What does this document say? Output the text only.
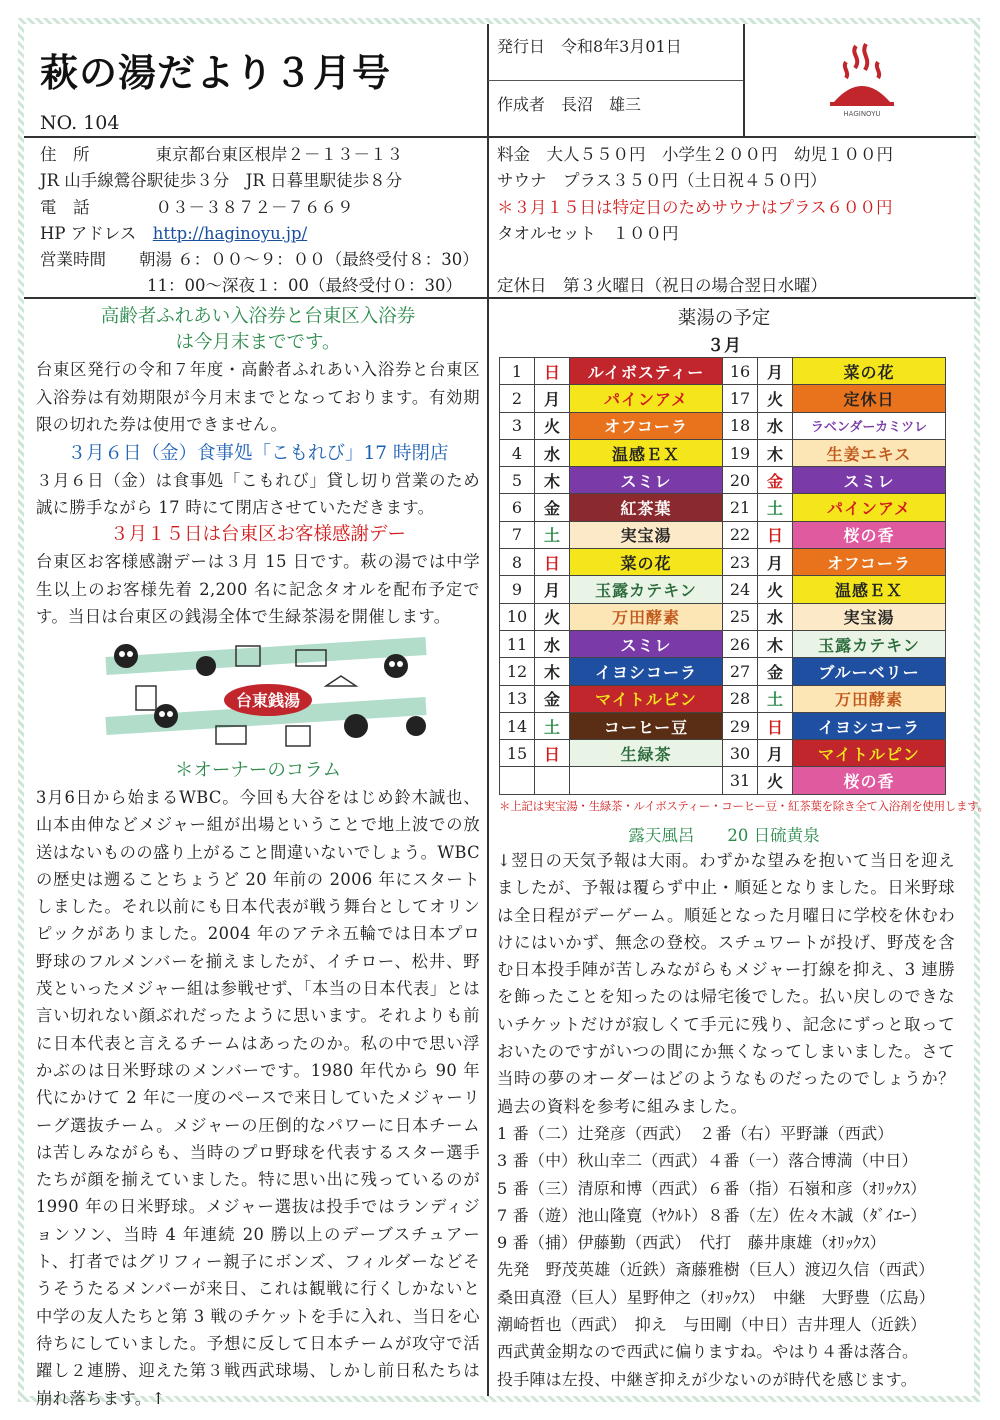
萩の湯だより３月号
NO. 104
発行日　令和8年3月01日
作成者　長沼　雄三	HAGINOYU
住　所　　　　東京都台東区根岸２－１３－１３
JR 山手線鶯谷駅徒歩３分　JR 日暮里駅徒歩８分
電　話　　　　０３－３８７２－７６６９
HP アドレス　 http://haginoyu.jp/
営業時間　　朝湯 ６：００～９：００（最終受付８：30）
11：00～深夜１：00（最終受付０：30）
料金　大人５５０円　小学生２００円　幼児１００円
サウナ　プラス３５０円（土日祝４５０円）
＊３月１５日は特定日のためサウナはプラス６００円
タオルセット　１００円
定休日　第３火曜日（祝日の場合翌日水曜）
高齢者ふれあい入浴券と台東区入浴券
は今月末までです。
台東区発行の令和７年度・高齢者ふれあい入浴券と台東区入浴券は有効期限が今月末までとなっております。有効期限の切れた券は使用できません。
３月６日（金）食事処「こもれび」17 時閉店
３月６日（金）は食事処「こもれび」貸し切り営業のため誠に勝手ながら 17 時にて閉店させていただきます。
３月１５日は台東区お客様感謝デー
台東区お客様感謝デーは３月 15 日です。萩の湯では中学生以上のお客様先着 2,200 名に記念タオルを配布予定です。当日は台東区の銭湯全体で生緑茶湯を開催します。
台東銭湯
＊オーナーのコラム
3月6日から始まるWBC。今回も大谷をはじめ鈴木誠也、山本由伸などメジャー組が出場ということで地上波での放送はないものの盛り上がること間違いないでしょう。WBC の歴史は遡ることちょうど 20 年前の 2006 年にスタートしました。それ以前にも日本代表が戦う舞台としてオリンピックがありました。2004 年のアテネ五輪では日本プロ野球のフルメンバーを揃えましたが、イチロー、松井、野茂といったメジャー組は参戦せず、「本当の日本代表」とは言い切れない顔ぶれだったように思います。それよりも前に日本代表と言えるチームはあったのか。私の中で思い浮かぶのは日米野球のメンバーです。1980 年代から 90 年代にかけて 2 年に一度のペースで来日していたメジャーリーグ選抜チーム。メジャーの圧倒的なパワーに日本チームは苦しみながらも、当時のプロ野球を代表するスター選手たちが顔を揃えていました。特に思い出に残っているのが 1990 年の日米野球。メジャー選抜は投手ではランディジョンソン、当時 4 年連続 20 勝以上のデーブスチュアート、打者ではグリフィー親子にボンズ、フィルダーなどそうそうたるメンバーが来日、これは観戦に行くしかないと中学の友人たちと第 3 戦のチケットを手に入れ、当日を心待ちにしていました。予想に反して日本チームが攻守で活躍し２連勝、迎えた第３戦西武球場、しかし前日私たちは崩れ落ちます。↑
薬湯の予定
３月
1	日	ルイボスティー	16	月	菜の花
2	月	パインアメ	17	火	定休日
3	火	オフコーラ	18	水	ラベンダーカミツレ
4	水	温感ＥＸ	19	木	生姜エキス
5	木	スミレ	20	金	スミレ
6	金	紅茶葉	21	土	パインアメ
7	土	実宝湯	22	日	桜の香
8	日	菜の花	23	月	オフコーラ
9	月	玉露カテキン	24	火	温感ＥＸ
10	火	万田酵素	25	水	実宝湯
11	水	スミレ	26	木	玉露カテキン
12	木	イヨシコーラ	27	金	ブルーベリー
13	金	マイトルピン	28	土	万田酵素
14	土	コーヒー豆	29	日	イヨシコーラ
15	日	生緑茶	30	月	マイトルピン
			31	火	桜の香
＊上記は実宝湯・生緑茶・ルイボスティー・コーヒー豆・紅茶葉を除き全て入浴剤を使用します。
露天風呂　　20 日硫黄泉
↓翌日の天気予報は大雨。わずかな望みを抱いて当日を迎えましたが、予報は覆らず中止・順延となりました。日米野球は全日程がデーゲーム。順延となった月曜日に学校を休むわけにはいかず、無念の登校。スチュワートが投げ、野茂を含む日本投手陣が苦しみながらもメジャー打線を抑え、3 連勝を飾ったことを知ったのは帰宅後でした。払い戻しのできないチケットだけが寂しくて手元に残り、記念にずっと取っておいたのですがいつの間にか無くなってしまいました。さて当時の夢のオーダーはどのようなものだったのでしょうか？過去の資料を参考に組みました。
1 番（二）辻発彦（西武）　２番（右）平野謙（西武）
3 番（中）秋山幸二（西武）４番（一）落合博満（中日）
5 番（三）清原和博（西武）６番（指）石嶺和彦（ｵﾘｯｸｽ）
7 番（遊）池山隆寛（ﾔｸﾙﾄ）８番（左）佐々木誠（ﾀﾞｲｴｰ）
9 番（捕）伊藤勤（西武）　代打　藤井康雄（ｵﾘｯｸｽ）
先発　野茂英雄（近鉄）斎藤雅樹（巨人）渡辺久信（西武）
桑田真澄（巨人）星野伸之（ｵﾘｯｸｽ）　中継　大野豊（広島）
潮崎哲也（西武）　抑え　与田剛（中日）吉井理人（近鉄）
西武黄金期なので西武に偏りますね。やはり４番は落合。
投手陣は左投、中継ぎ抑えが少ないのが時代を感じます。
